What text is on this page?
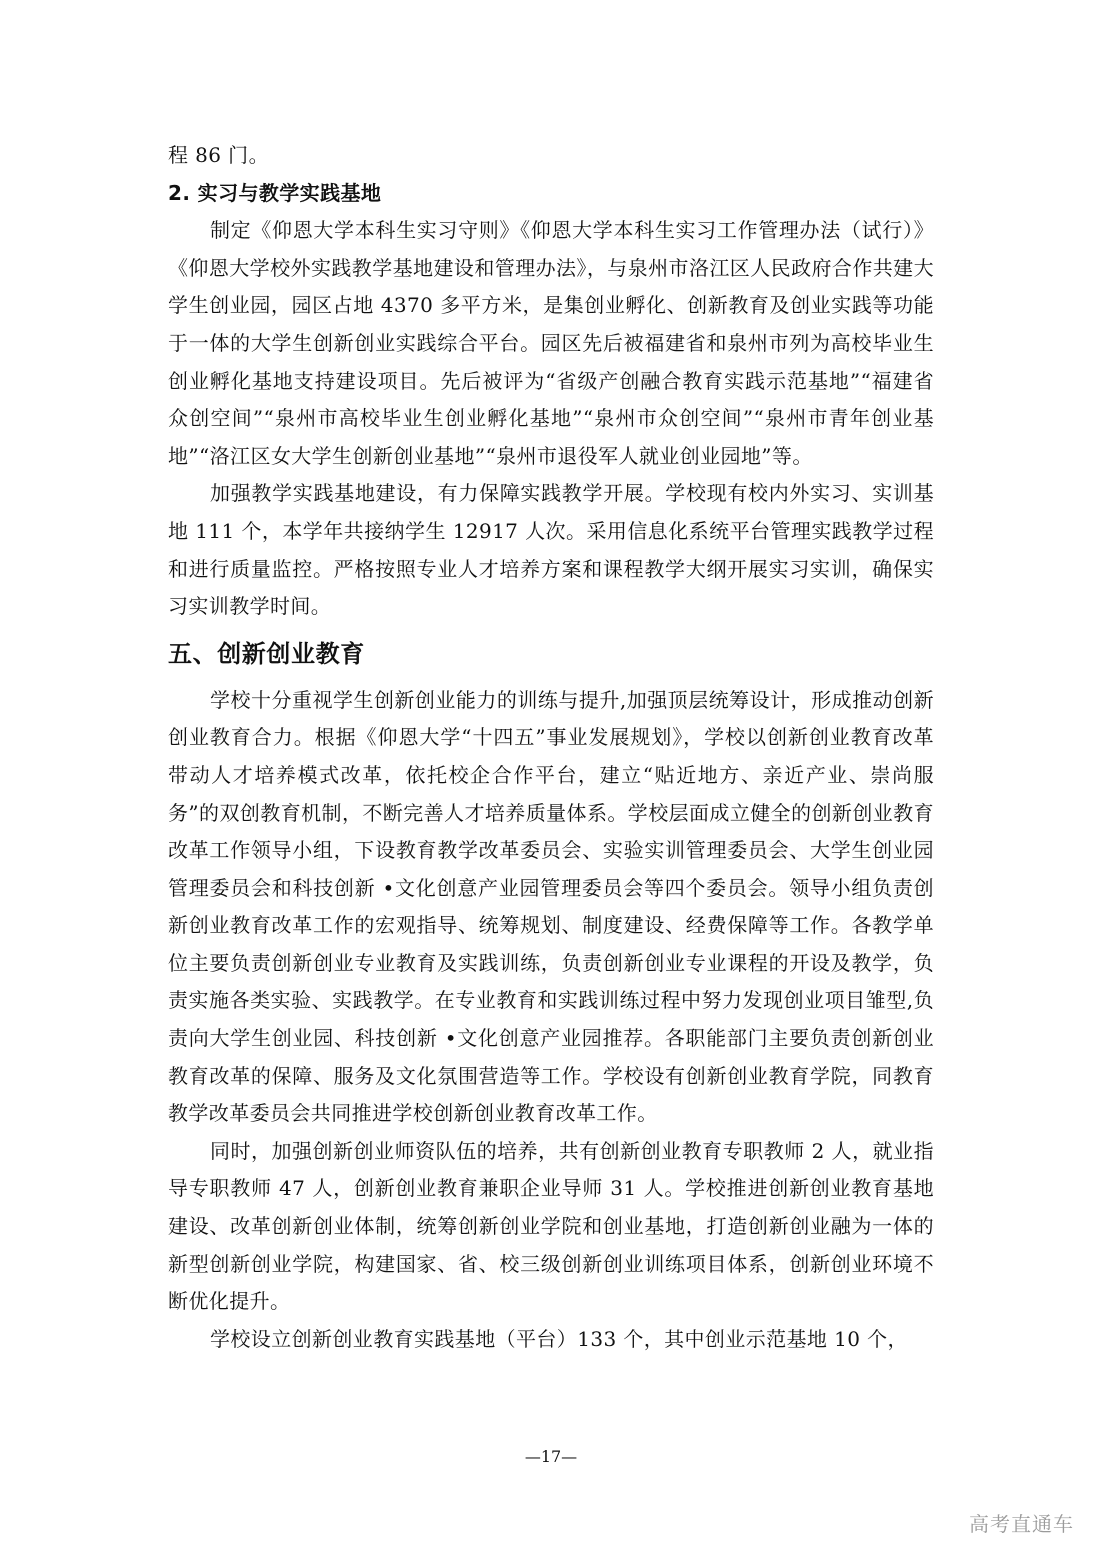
程 86 门。

2. 实习与教学实践基地

制定《仰恩大学本科生实习守则》《仰恩大学本科生实习工作管理办法（试行）》《仰恩大学校外实践教学基地建设和管理办法》，与泉州市洛江区人民政府合作共建大学生创业园，园区占地 4370 多平方米，是集创业孵化、创新教育及创业实践等功能于一体的大学生创新创业实践综合平台。园区先后被福建省和泉州市列为高校毕业生创业孵化基地支持建设项目。先后被评为“省级产创融合教育实践示范基地”“福建省众创空间”“泉州市高校毕业生创业孵化基地”“泉州市众创空间”“泉州市青年创业基地”“洛江区女大学生创新创业基地”“泉州市退役军人就业创业园地”等。

加强教学实践基地建设，有力保障实践教学开展。学校现有校内外实习、实训基地 111 个，本学年共接纳学生 12917 人次。采用信息化系统平台管理实践教学过程和进行质量监控。严格按照专业人才培养方案和课程教学大纲开展实习实训，确保实习实训教学时间。

五、创新创业教育

学校十分重视学生创新创业能力的训练与提升,加强顶层统筹设计，形成推动创新创业教育合力。根据《仰恩大学“十四五”事业发展规划》，学校以创新创业教育改革带动人才培养模式改革，依托校企合作平台，建立“贴近地方、亲近产业、崇尚服务”的双创教育机制，不断完善人才培养质量体系。学校层面成立健全的创新创业教育改革工作领导小组，下设教育教学改革委员会、实验实训管理委员会、大学生创业园管理委员会和科技创新 •文化创意产业园管理委员会等四个委员会。领导小组负责创新创业教育改革工作的宏观指导、统筹规划、制度建设、经费保障等工作。各教学单位主要负责创新创业专业教育及实践训练，负责创新创业专业课程的开设及教学，负责实施各类实验、实践教学。在专业教育和实践训练过程中努力发现创业项目雏型,负责向大学生创业园、科技创新 •文化创意产业园推荐。各职能部门主要负责创新创业教育改革的保障、服务及文化氛围营造等工作。学校设有创新创业教育学院，同教育教学改革委员会共同推进学校创新创业教育改革工作。

同时，加强创新创业师资队伍的培养，共有创新创业教育专职教师 2 人，就业指导专职教师 47 人，创新创业教育兼职企业导师 31 人。学校推进创新创业教育基地建设、改革创新创业体制，统筹创新创业学院和创业基地，打造创新创业融为一体的新型创新创业学院，构建国家、省、校三级创新创业训练项目体系，创新创业环境不断优化提升。

学校设立创新创业教育实践基地（平台）133 个，其中创业示范基地 10 个，

—17—
高考直通车
